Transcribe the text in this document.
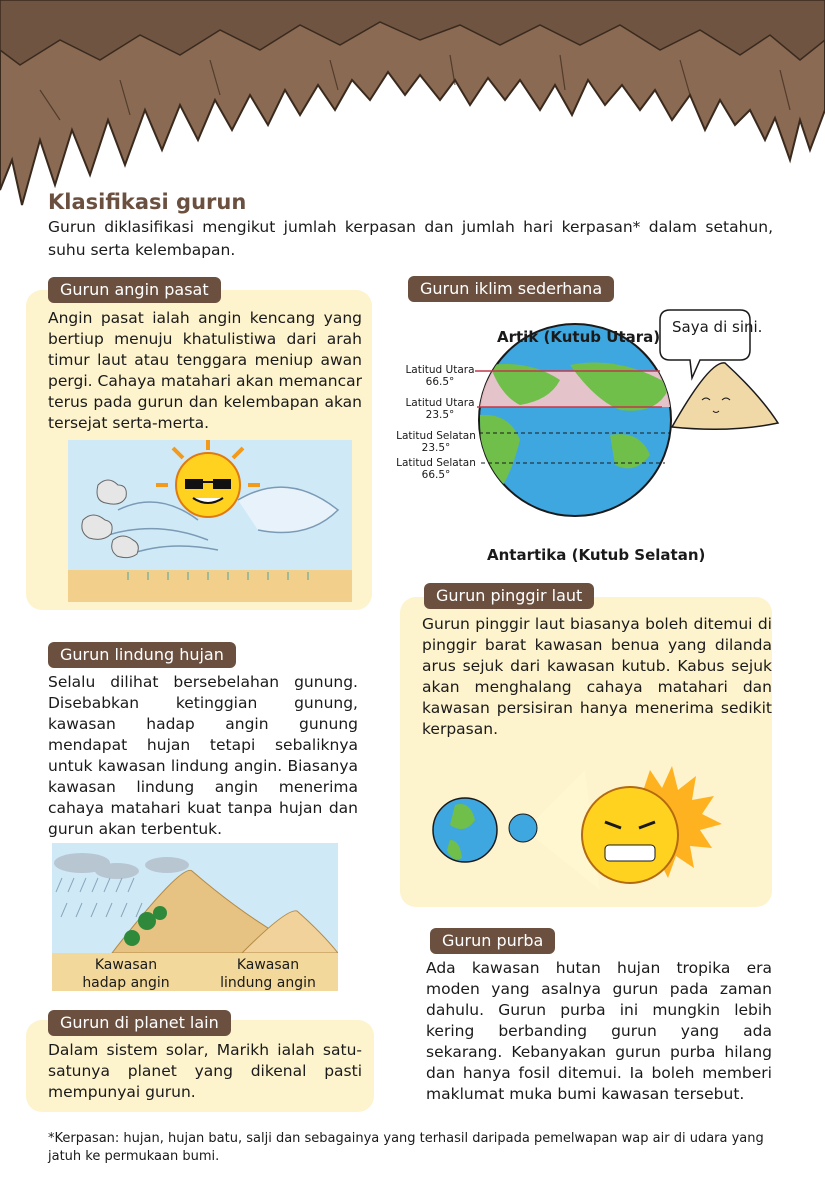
Klasifikasi gurun
Gurun diklasifikasi mengikut jumlah kerpasan dan jumlah hari kerpasan* dalam setahun, suhu serta kelembapan.
Gurun angin pasat
Angin pasat ialah angin kencang yang bertiup menuju khatulistiwa dari arah timur laut atau tenggara meniup awan pergi. Cahaya matahari akan memancar terus pada gurun dan kelembapan akan tersejat serta-merta.
Gurun iklim sederhana
Artik (Kutub Utara)
Saya di sini.
Antartika (Kutub Selatan)
Latitud Utara
66.5°
Latitud Utara
23.5°
Latitud Selatan
23.5°
Latitud Selatan
66.5°
Gurun pinggir laut
Gurun pinggir laut biasanya boleh ditemui di pinggir barat kawasan benua yang dilanda arus sejuk dari kawasan kutub. Kabus sejuk akan menghalang cahaya matahari dan kawasan persisiran hanya menerima sedikit kerpasan.
Gurun lindung hujan
Selalu dilihat bersebelahan gunung. Disebabkan ketinggian gunung, kawasan hadap angin gunung mendapat hujan tetapi sebaliknya untuk kawasan lindung angin. Biasanya kawasan lindung angin menerima cahaya matahari kuat tanpa hujan dan gurun akan terbentuk.
Kawasan
hadap angin
Kawasan
lindung angin
Gurun purba
Ada kawasan hutan hujan tropika era moden yang asalnya gurun pada zaman dahulu. Gurun purba ini mungkin lebih kering berbanding gurun yang ada sekarang. Kebanyakan gurun purba hilang dan hanya fosil ditemui. Ia boleh memberi maklumat muka bumi kawasan tersebut.
Gurun di planet lain
Dalam sistem solar, Marikh ialah satu-satunya planet yang dikenal pasti mempunyai gurun.
*Kerpasan: hujan, hujan batu, salji dan sebagainya yang terhasil daripada pemelwapan wap air di udara yang jatuh ke permukaan bumi.
